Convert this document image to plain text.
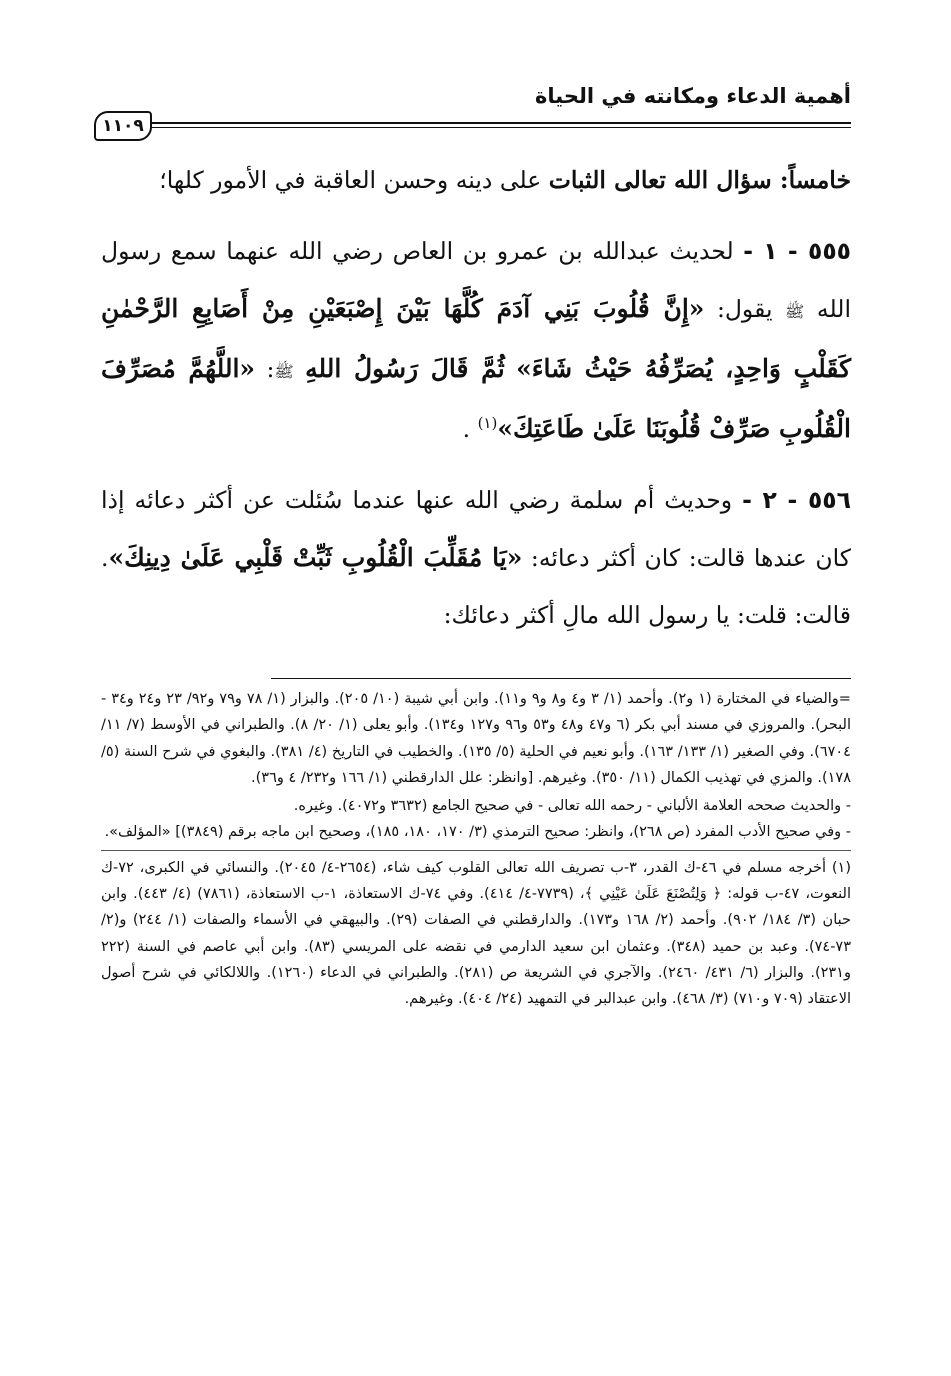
أهمية الدعاء ومكانته في الحياة
١١٠٩

خامساً: سؤال الله تعالى الثبات على دينه وحسن العاقبة في الأمور كلها؛

٥٥٥ - ١ - لحديث عبدالله بن عمرو بن العاص رضي الله عنهما سمع رسول الله ﷺ يقول: «إِنَّ قُلُوبَ بَنِي آدَمَ كُلَّهَا بَيْنَ إِصْبَعَيْنِ مِنْ أَصَابِعِ الرَّحْمٰنِ كَقَلْبٍ وَاحِدٍ، يُصَرِّفُهُ حَيْثُ شَاءَ» ثُمَّ قَالَ رَسُولُ اللهِ ﷺ: «اللَّهُمَّ مُصَرِّفَ الْقُلُوبِ صَرِّفْ قُلُوبَنَا عَلَىٰ طَاعَتِكَ»$^{(١)}$ .

٥٥٦ - ٢ - وحديث أم سلمة رضي الله عنها عندما سُئلت عن أكثر دعائه إذا كان عندها قالت: كان أكثر دعائه: «يَا مُقَلِّبَ الْقُلُوبِ ثَبِّتْ قَلْبِي عَلَىٰ دِينِكَ». قالت: قلت: يا رسول الله مالِ أكثر دعائك:

=والضياء في المختارة (١ و٢). وأحمد (١/ ٣ و٤ و٨ و٩ و١١). وابن أبي شيبة (١٠/ ٢٠٥). والبزار (١/ ٧٨ و٧٩ و٩٢/ ٢٣ و٢٤ و٣٤ - البحر). والمروزي في مسند أبي بكر (٦ و٤٧ و٤٨ و٥٣ و٩٦ و١٢٧ و١٣٤). وأبو يعلى (١/ ٢٠/ ٨). والطبراني في الأوسط (٧/ ١١/ ٦٧٠٤). وفي الصغير (١/ ١٣٣/ ١٦٣). وأبو نعيم في الحلية (٥/ ١٣٥). والخطيب في التاريخ (٤/ ٣٨١). والبغوي في شرح السنة (٥/ ١٧٨). والمزي في تهذيب الكمال (١١/ ٣٥٠). وغيرهم. [وانظر: علل الدارقطني (١/ ١٦٦ و٢٣٢/ ٤ و٣٦).

- والحديث صححه العلامة الألباني - رحمه الله تعالى - في صحيح الجامع (٣٦٣٢ و٤٠٧٢). وغيره.

- وفي صحيح الأدب المفرد (ص ٢٦٨)، وانظر: صحيح الترمذي (٣/ ١٧٠، ١٨٠، ١٨٥)، وصحيح ابن ماجه برقم (٣٨٤٩)] «المؤلف».

(١) أخرجه مسلم في ٤٦-ك القدر، ٣-ب تصريف الله تعالى القلوب كيف شاء، (٢٦٥٤-٤/ ٢٠٤٥). والنسائي في الكبرى، ٧٢-ك النعوت، ٤٧-ب قوله: ﴿ وَلِتُصْنَعَ عَلَىٰ عَيْنِي ﴾، (٧٧٣٩-٤/ ٤١٤). وفي ٧٤-ك الاستعاذة، ١-ب الاستعاذة، (٧٨٦١) (٤/ ٤٤٣). وابن حبان (٣/ ١٨٤/ ٩٠٢). وأحمد (٢/ ١٦٨ و١٧٣). والدارقطني في الصفات (٢٩). والبيهقي في الأسماء والصفات (١/ ٢٤٤) و(٢/ ٧٣-٧٤). وعبد بن حميد (٣٤٨). وعثمان ابن سعيد الدارمي في نقضه على المريسي (٨٣). وابن أبي عاصم في السنة (٢٢٢ و٢٣١). والبزار (٦/ ٤٣١/ ٢٤٦٠). والآجري في الشريعة ص (٢٨١). والطبراني في الدعاء (١٢٦٠). واللالكائي في شرح أصول الاعتقاد (٧٠٩ و٧١٠) (٣/ ٤٦٨). وابن عبدالبر في التمهيد (٢٤/ ٤٠٤). وغيرهم.
